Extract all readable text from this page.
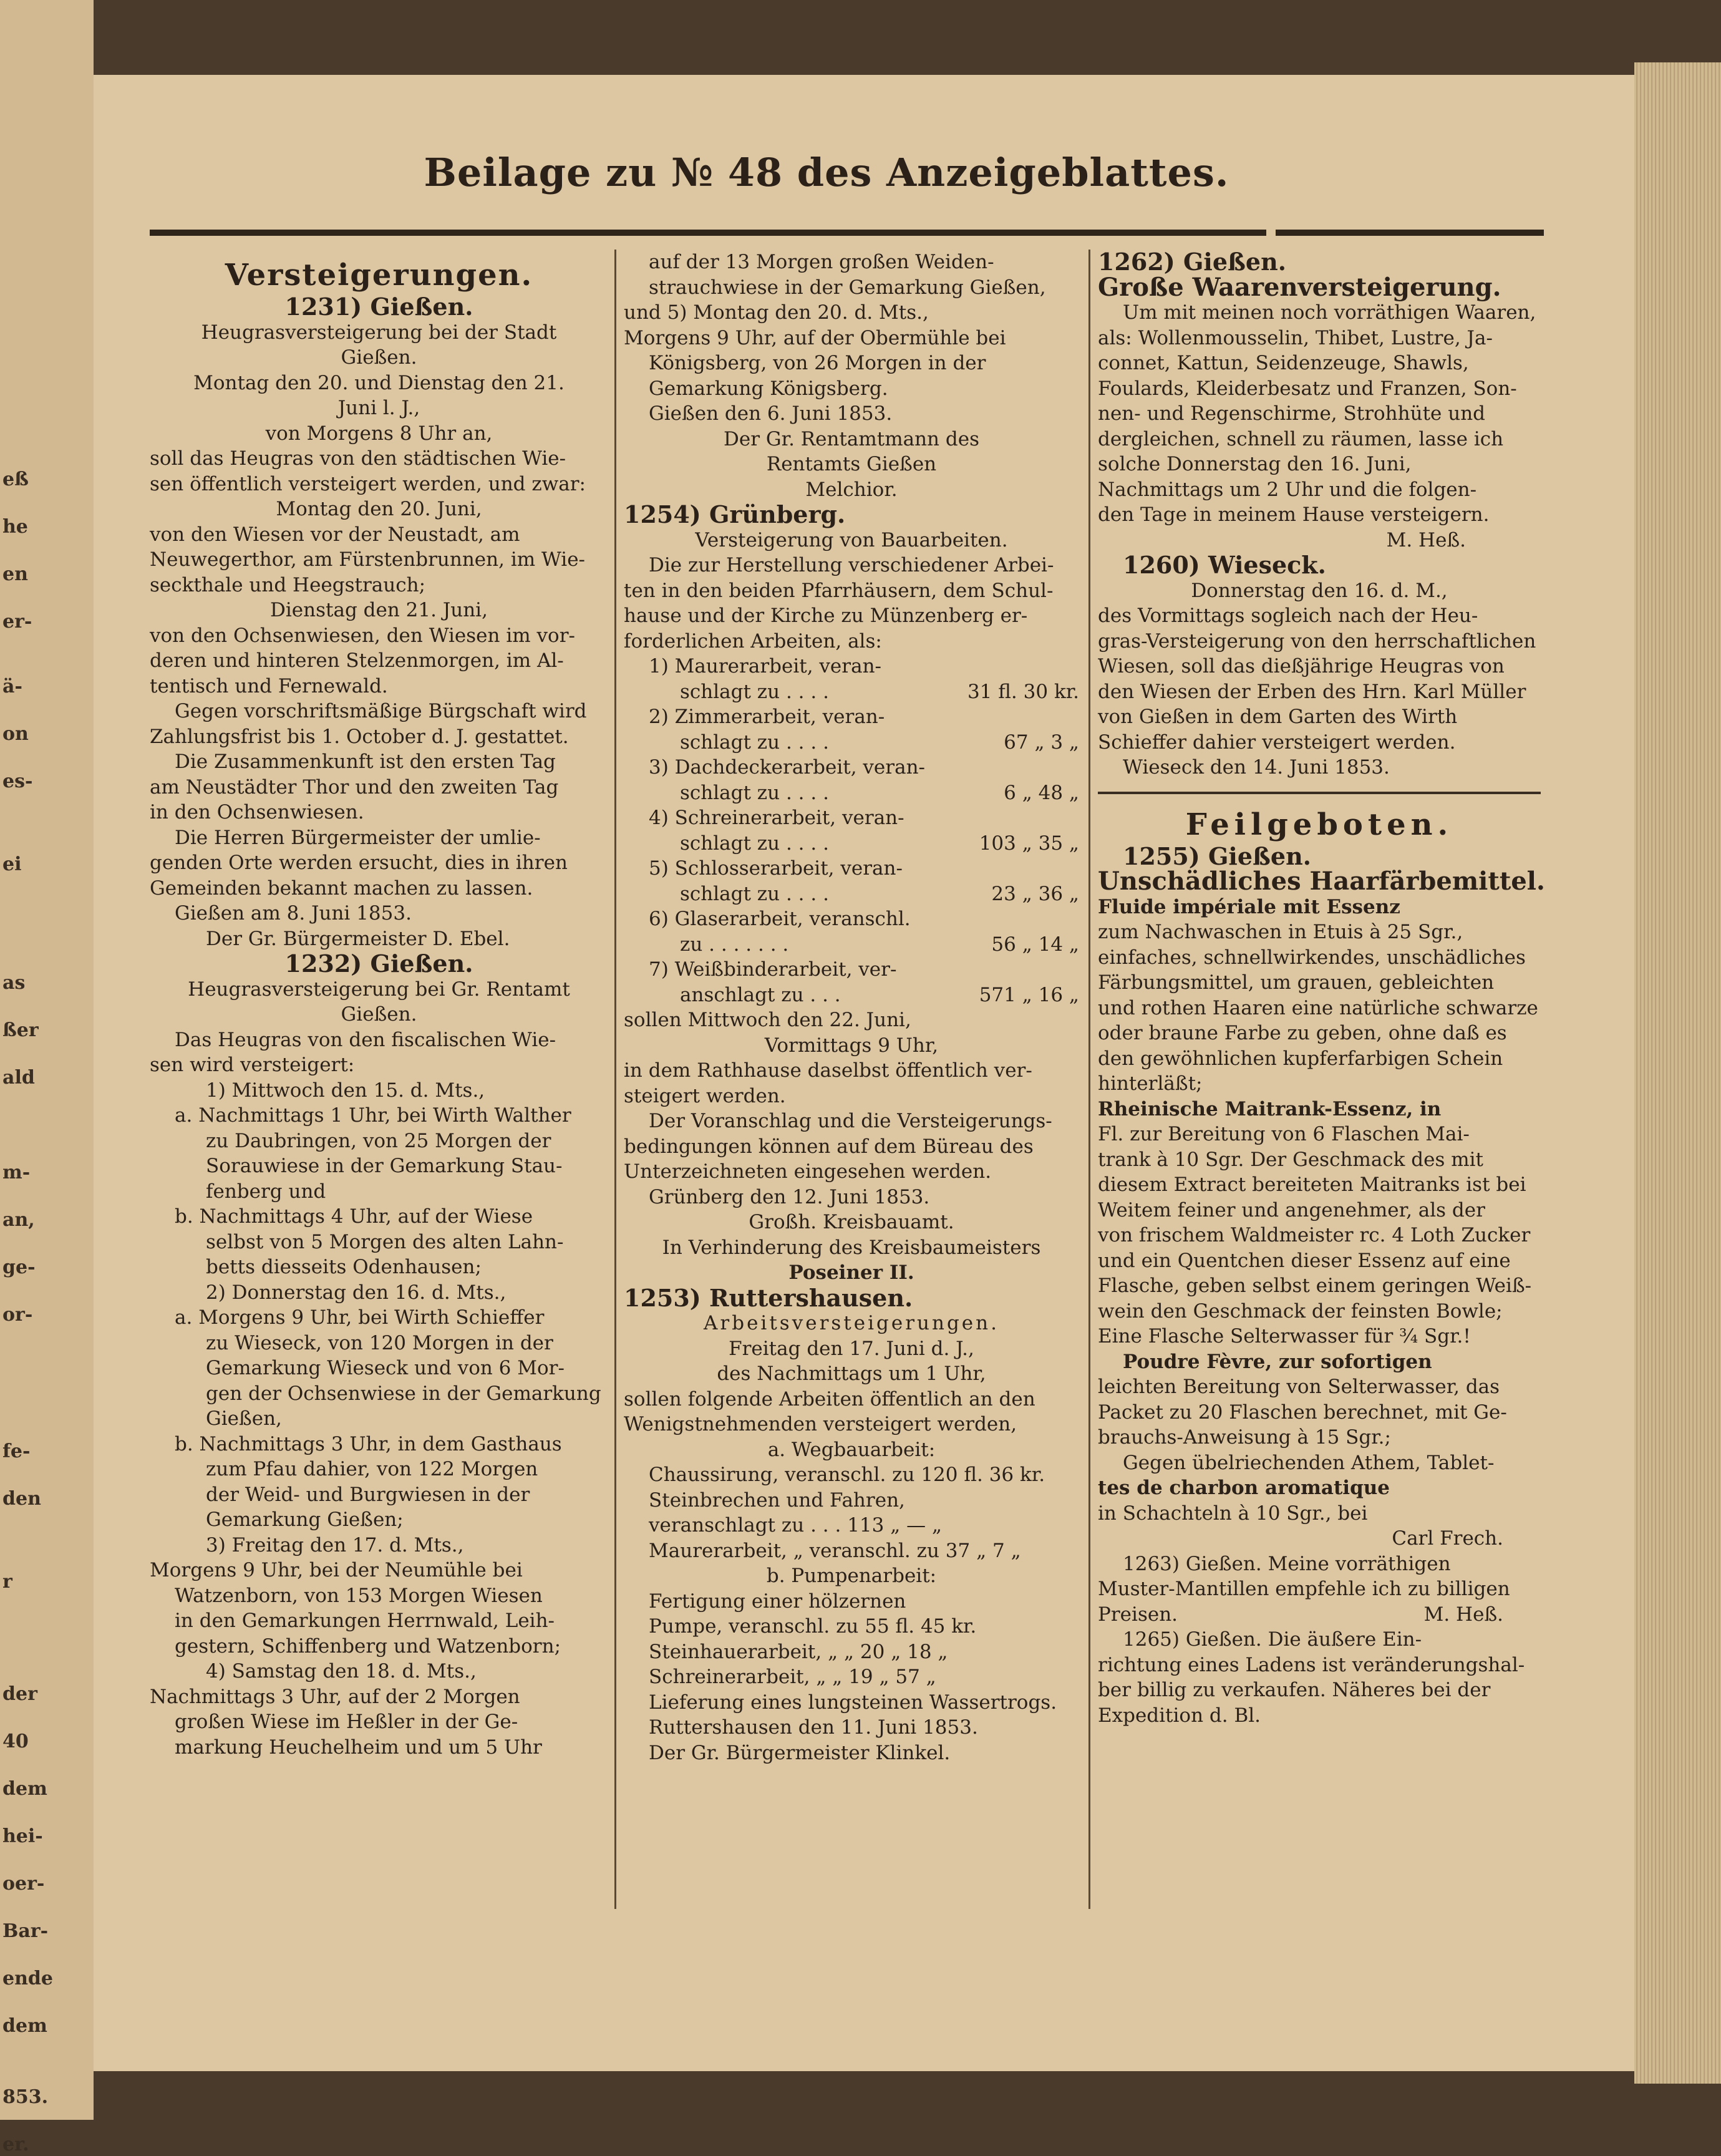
eß
he
en
er-
ä-
on
es-
ei
as
ßer
ald
m-
an,
ge-
or-
fe-
den
r
der
40
dem
hei-
oer-
Bar-
ende
dem
853.
er.
Beilage zu № 48 des Anzeigeblattes.
Versteigerungen.
1231) Gießen.
Heugrasversteigerung bei der Stadt
Gießen.
Montag den 20. und Dienstag den 21.
Juni l. J.,
von Morgens 8 Uhr an,
soll das Heugras von den städtischen Wie-
sen öffentlich versteigert werden, und zwar:
Montag den 20. Juni,
von den Wiesen vor der Neustadt, am
Neuwegerthor, am Fürstenbrunnen, im Wie-
seckthale und Heegstrauch;
Dienstag den 21. Juni,
von den Ochsenwiesen, den Wiesen im vor-
deren und hinteren Stelzenmorgen, im Al-
tentisch und Fernewald.
Gegen vorschriftsmäßige Bürgschaft wird
Zahlungsfrist bis 1. October d. J. gestattet.
Die Zusammenkunft ist den ersten Tag
am Neustädter Thor und den zweiten Tag
in den Ochsenwiesen.
Die Herren Bürgermeister der umlie-
genden Orte werden ersucht, dies in ihren
Gemeinden bekannt machen zu lassen.
Gießen am 8. Juni 1853.
Der Gr. Bürgermeister D. Ebel.
1232) Gießen.
Heugrasversteigerung bei Gr. Rentamt
Gießen.
Das Heugras von den fiscalischen Wie-
sen wird versteigert:
1) Mittwoch den 15. d. Mts.,
a. Nachmittags 1 Uhr, bei Wirth Walther
zu Daubringen, von 25 Morgen der
Sorauwiese in der Gemarkung Stau-
fenberg und
b. Nachmittags 4 Uhr, auf der Wiese
selbst von 5 Morgen des alten Lahn-
betts diesseits Odenhausen;
2) Donnerstag den 16. d. Mts.,
a. Morgens 9 Uhr, bei Wirth Schieffer
zu Wieseck, von 120 Morgen in der
Gemarkung Wieseck und von 6 Mor-
gen der Ochsenwiese in der Gemarkung
Gießen,
b. Nachmittags 3 Uhr, in dem Gasthaus
zum Pfau dahier, von 122 Morgen
der Weid- und Burgwiesen in der
Gemarkung Gießen;
3) Freitag den 17. d. Mts.,
Morgens 9 Uhr, bei der Neumühle bei
Watzenborn, von 153 Morgen Wiesen
in den Gemarkungen Herrnwald, Leih-
gestern, Schiffenberg und Watzenborn;
4) Samstag den 18. d. Mts.,
Nachmittags 3 Uhr, auf der 2 Morgen
großen Wiese im Heßler in der Ge-
markung Heuchelheim und um 5 Uhr
auf der 13 Morgen großen Weiden-
strauchwiese in der Gemarkung Gießen,
und 5) Montag den 20. d. Mts.,
Morgens 9 Uhr, auf der Obermühle bei
Königsberg, von 26 Morgen in der
Gemarkung Königsberg.
Gießen den 6. Juni 1853.
Der Gr. Rentamtmann des
Rentamts Gießen
Melchior.
1254) Grünberg.
Versteigerung von Bauarbeiten.
Die zur Herstellung verschiedener Arbei-
ten in den beiden Pfarrhäusern, dem Schul-
hause und der Kirche zu Münzenberg er-
forderlichen Arbeiten, als:
1) Maurerarbeit, veran-
schlagt zu . . . .	31 fl. 30 kr.
2) Zimmerarbeit, veran-
schlagt zu . . . .	67 „ 3 „
3) Dachdeckerarbeit, veran-
schlagt zu . . . .	6 „ 48 „
4) Schreinerarbeit, veran-
schlagt zu . . . .	103 „ 35 „
5) Schlosserarbeit, veran-
schlagt zu . . . .	23 „ 36 „
6) Glaserarbeit, veranschl.
zu . . . . . . .	56 „ 14 „
7) Weißbinderarbeit, ver-
anschlagt zu . . .	571 „ 16 „
sollen Mittwoch den 22. Juni,
Vormittags 9 Uhr,
in dem Rathhause daselbst öffentlich ver-
steigert werden.
Der Voranschlag und die Versteigerungs-
bedingungen können auf dem Büreau des
Unterzeichneten eingesehen werden.
Grünberg den 12. Juni 1853.
Großh. Kreisbauamt.
In Verhinderung des Kreisbaumeisters
Poseiner II.
1253) Ruttershausen.
Arbeitsversteigerungen.
Freitag den 17. Juni d. J.,
des Nachmittags um 1 Uhr,
sollen folgende Arbeiten öffentlich an den
Wenigstnehmenden versteigert werden,
a. Wegbauarbeit:
Chaussirung, veranschl. zu 120 fl. 36 kr.
Steinbrechen und Fahren,
veranschlagt zu . . . 113 „ — „
Maurerarbeit, „ veranschl. zu 37 „ 7 „
b. Pumpenarbeit:
Fertigung einer hölzernen
Pumpe, veranschl. zu 55 fl. 45 kr.
Steinhauerarbeit, „ „ 20 „ 18 „
Schreinerarbeit, „ „ 19 „ 57 „
Lieferung eines lungsteinen Wassertrogs.
Ruttershausen den 11. Juni 1853.
Der Gr. Bürgermeister Klinkel.
1262) Gießen.
Große Waarenversteigerung.
Um mit meinen noch vorräthigen Waaren,
als: Wollenmousselin, Thibet, Lustre, Ja-
connet, Kattun, Seidenzeuge, Shawls,
Foulards, Kleiderbesatz und Franzen, Son-
nen- und Regenschirme, Strohhüte und
dergleichen, schnell zu räumen, lasse ich
solche Donnerstag den 16. Juni,
Nachmittags um 2 Uhr und die folgen-
den Tage in meinem Hause versteigern.
M. Heß.
1260) Wieseck.
Donnerstag den 16. d. M.,
des Vormittags sogleich nach der Heu-
gras-Versteigerung von den herrschaftlichen
Wiesen, soll das dießjährige Heugras von
den Wiesen der Erben des Hrn. Karl Müller
von Gießen in dem Garten des Wirth
Schieffer dahier versteigert werden.
Wieseck den 14. Juni 1853.
Feilgeboten.
1255) Gießen.
Unschädliches Haarfärbemittel.
Fluide impériale mit Essenz
zum Nachwaschen in Etuis à 25 Sgr.,
einfaches, schnellwirkendes, unschädliches
Färbungsmittel, um grauen, gebleichten
und rothen Haaren eine natürliche schwarze
oder braune Farbe zu geben, ohne daß es
den gewöhnlichen kupferfarbigen Schein
hinterläßt;
Rheinische Maitrank-Essenz, in
Fl. zur Bereitung von 6 Flaschen Mai-
trank à 10 Sgr. Der Geschmack des mit
diesem Extract bereiteten Maitranks ist bei
Weitem feiner und angenehmer, als der
von frischem Waldmeister rc. 4 Loth Zucker
und ein Quentchen dieser Essenz auf eine
Flasche, geben selbst einem geringen Weiß-
wein den Geschmack der feinsten Bowle;
Eine Flasche Selterwasser für ¾ Sgr.!
Poudre Fèvre, zur sofortigen
leichten Bereitung von Selterwasser, das
Packet zu 20 Flaschen berechnet, mit Ge-
brauchs-Anweisung à 15 Sgr.;
Gegen übelriechenden Athem, Tablet-
tes de charbon aromatique
in Schachteln à 10 Sgr., bei
Carl Frech.
1263) Gießen. Meine vorräthigen
Muster-Mantillen empfehle ich zu billigen
Preisen.	M. Heß.
1265) Gießen. Die äußere Ein-
richtung eines Ladens ist veränderungshal-
ber billig zu verkaufen. Näheres bei der
Expedition d. Bl.
